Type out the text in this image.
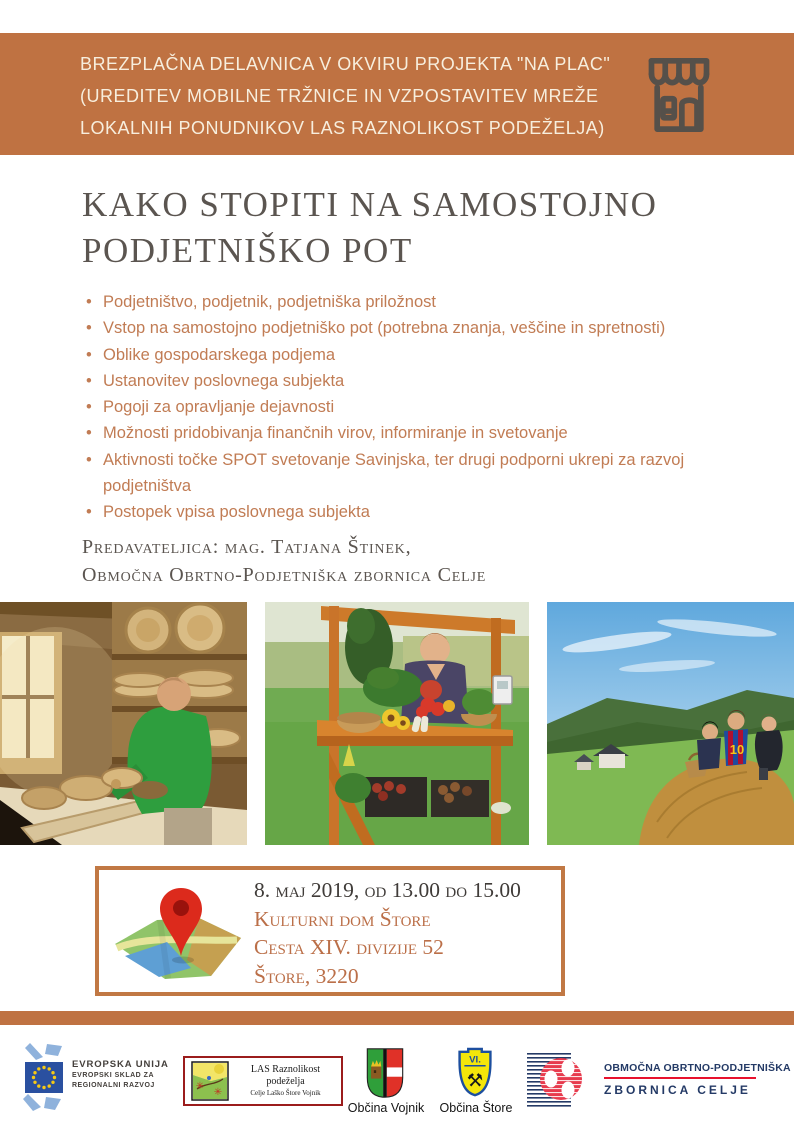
BREZPLAČNA DELAVNICA V OKVIRU PROJEKTA "NA PLAC"
(UREDITEV MOBILNE TRŽNICE IN VZPOSTAVITEV MREŽE
LOKALNIH PONUDNIKOV LAS RAZNOLIKOST PODEŽELJA)
KAKO STOPITI NA SAMOSTOJNO
PODJETNIŠKO POT
• Podjetništvo, podjetnik, podjetniška priložnost
• Vstop na samostojno podjetniško pot (potrebna znanja, veščine in spretnosti)
• Oblike gospodarskega podjema
• Ustanovitev poslovnega subjekta
• Pogoji za opravljanje dejavnosti
• Možnosti pridobivanja finančnih virov, informiranje in svetovanje
• Aktivnosti točke SPOT svetovanje Savinjska, ter drugi podporni ukrepi za razvoj podjetništva
• Postopek vpisa poslovnega subjekta
Predavateljica: mag. Tatjana Štinek,
Območna Obrtno-Podjetniška zbornica Celje
10
8. maj 2019, od 13.00 do 15.00
Kulturni dom Štore
Cesta XIV. divizije 52
Štore, 3220
EVROPSKA UNIJA
EVROPSKI SKLAD ZA
REGIONALNI RAZVOJ	✳
✳
LAS Raznolikost podeželja
Celje Laško Štore Vojnik
Občina Vojnik
VI.
⚒
Občina Štore
OBMOČNA OBRTNO-PODJETNIŠKA
ZBORNICA CELJE
